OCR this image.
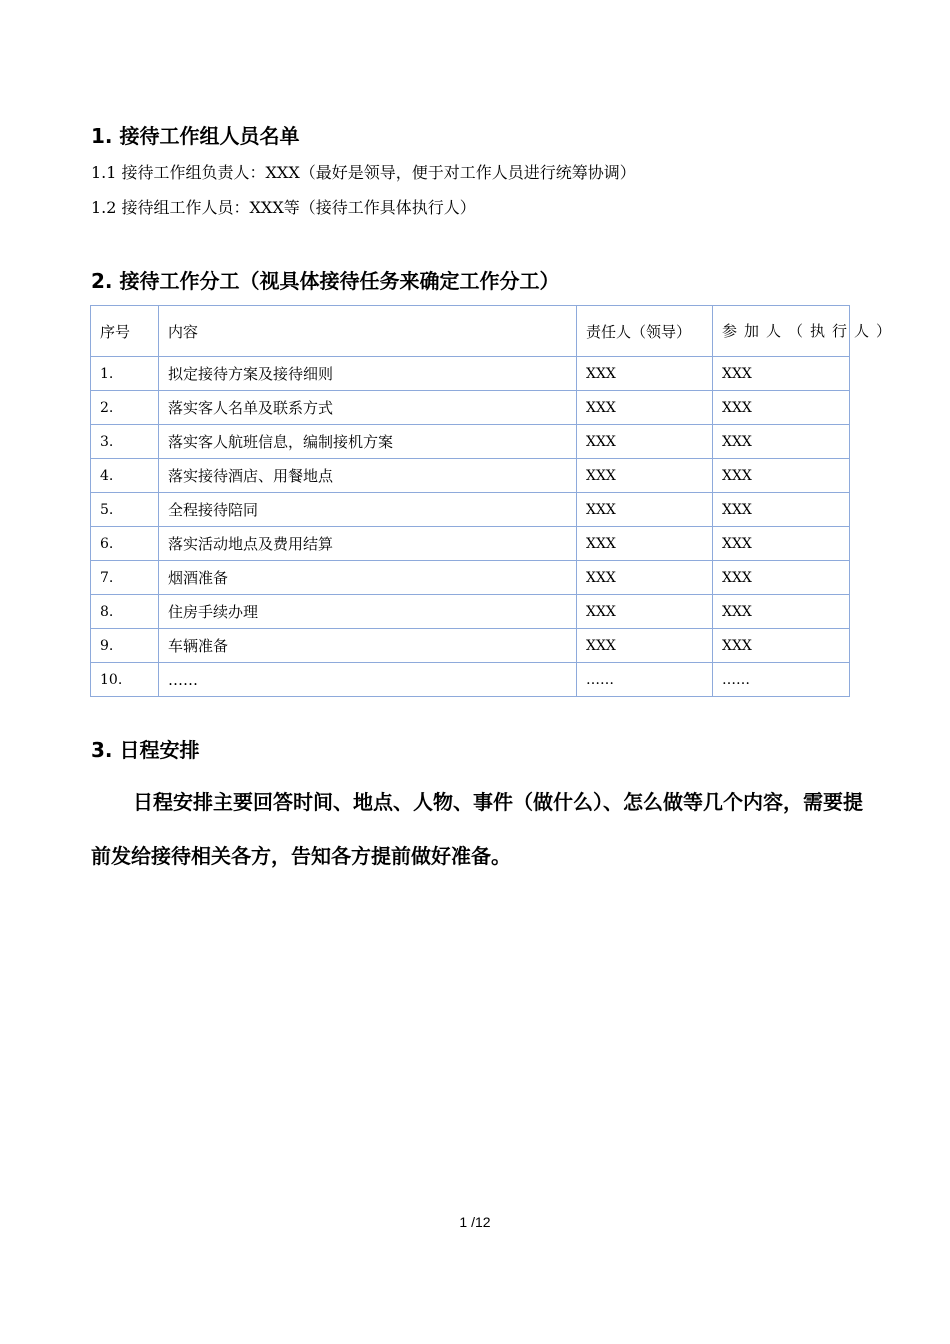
1. 接待工作组人员名单
1.1 接待工作组负责人：XXX（最好是领导，便于对工作人员进行统筹协调）
1.2 接待组工作人员：XXX等（接待工作具体执行人）
2. 接待工作分工（视具体接待任务来确定工作分工）
序号	内容	责任人（领导）	参加人（执行人）
1.	拟定接待方案及接待细则	XXX	XXX
2.	落实客人名单及联系方式	XXX	XXX
3.	落实客人航班信息，编制接机方案	XXX	XXX
4.	落实接待酒店、用餐地点	XXX	XXX
5.	全程接待陪同	XXX	XXX
6.	落实活动地点及费用结算	XXX	XXX
7.	烟酒准备	XXX	XXX
8.	住房手续办理	XXX	XXX
9.	车辆准备	XXX	XXX
10.	……	……	……
3. 日程安排
日程安排主要回答时间、地点、人物、事件（做什么）、怎么做等几个内容，需要提前发给接待相关各方，告知各方提前做好准备。
1 /12
